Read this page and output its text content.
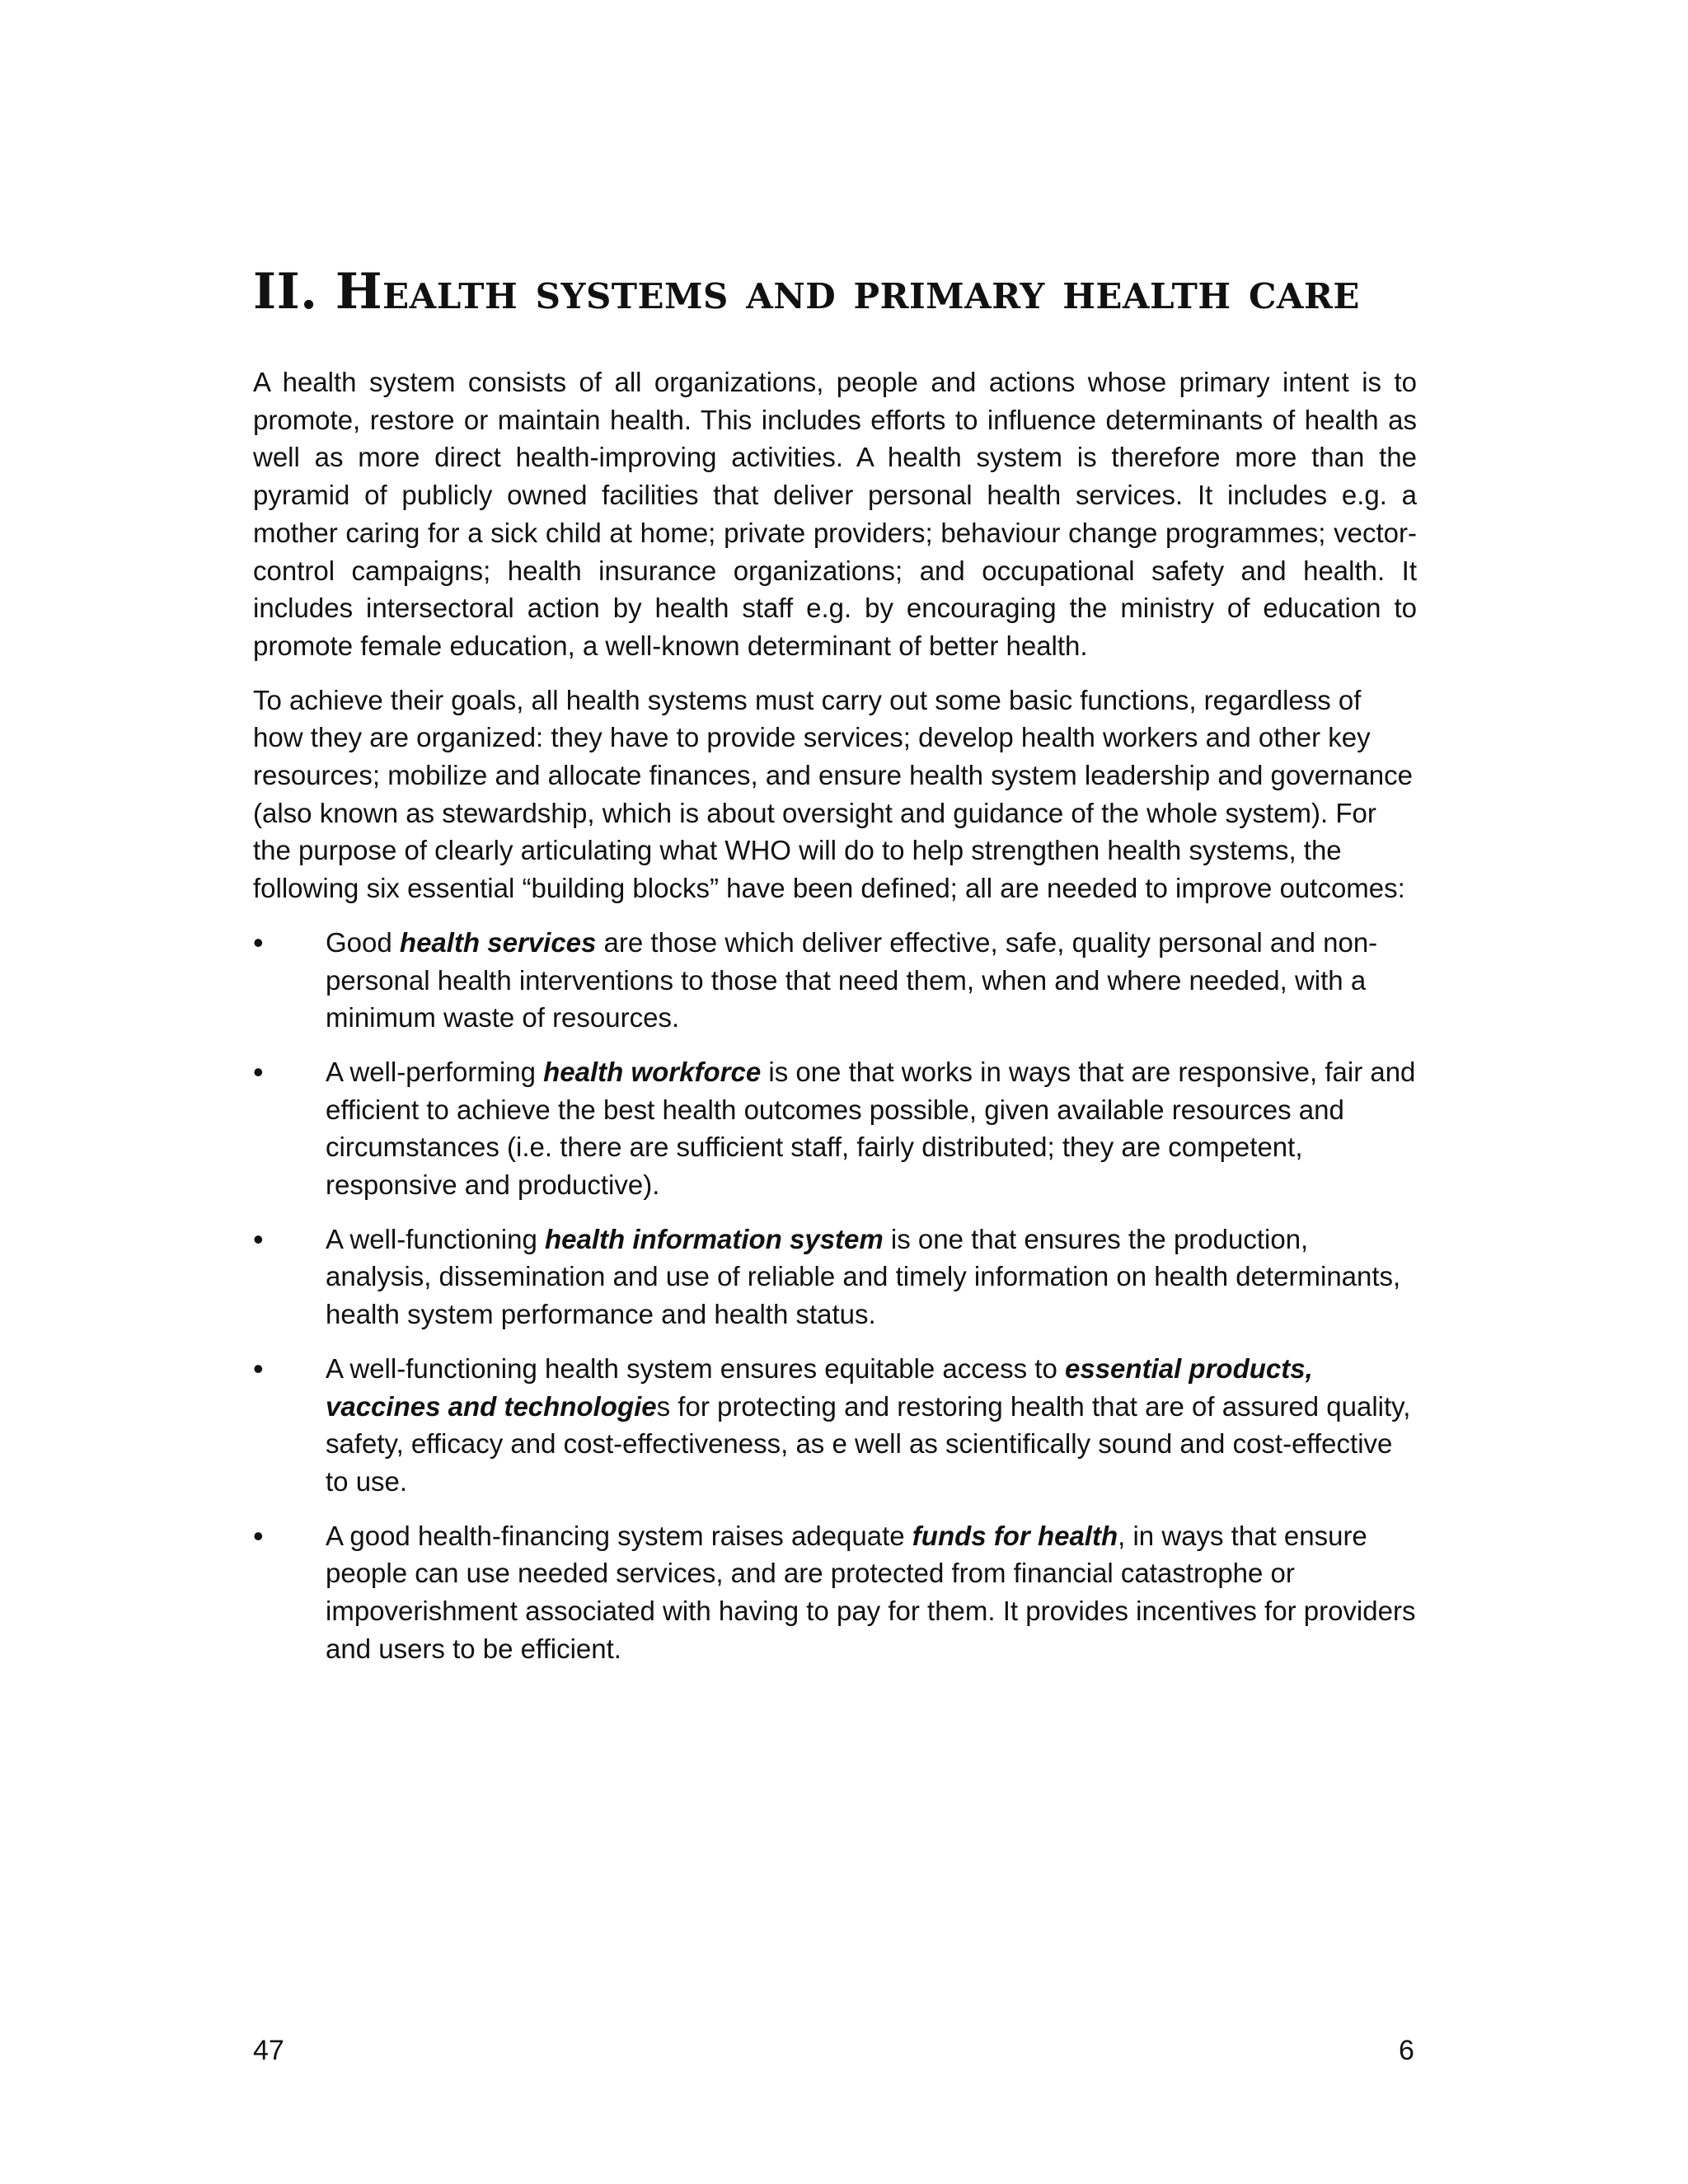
II. Health systems and primary health care

A health system consists of all organizations, people and actions whose primary intent is to promote, restore or maintain health. This includes efforts to influence determinants of health as well as more direct health-improving activities. A health system is therefore more than the pyramid of publicly owned facilities that deliver personal health services. It includes e.g. a mother caring for a sick child at home; private providers; behaviour change programmes; vector-control campaigns; health insurance organizations; and occupational safety and health. It includes intersectoral action by health staff e.g. by encouraging the ministry of education to promote female education, a well-known determinant of better health.

To achieve their goals, all health systems must carry out some basic functions, regardless of how they are organized: they have to provide services; develop health workers and other key resources; mobilize and allocate finances, and ensure health system leadership and governance (also known as stewardship, which is about oversight and guidance of the whole system). For the purpose of clearly articulating what WHO will do to help strengthen health systems, the following six essential “building blocks” have been defined; all are needed to improve outcomes:

•	Good health services are those which deliver effective, safe, quality personal and non-personal health interventions to those that need them, when and where needed, with a minimum waste of resources.
•	A well-performing health workforce is one that works in ways that are responsive, fair and efficient to achieve the best health outcomes possible, given available resources and circumstances (i.e. there are sufficient staff, fairly distributed; they are competent, responsive and productive).
•	A well-functioning health information system is one that ensures the production, analysis, dissemination and use of reliable and timely information on health determinants, health system performance and health status.
•	A well-functioning health system ensures equitable access to essential products, vaccines and technologies for protecting and restoring health that are of assured quality, safety, efficacy and cost-effectiveness, as e well as scientifically sound and cost-effective to use.
•	A good health-financing system raises adequate funds for health, in ways that ensure people can use needed services, and are protected from financial catastrophe or impoverishment associated with having to pay for them. It provides incentives for providers and users to be efficient.
47	6
